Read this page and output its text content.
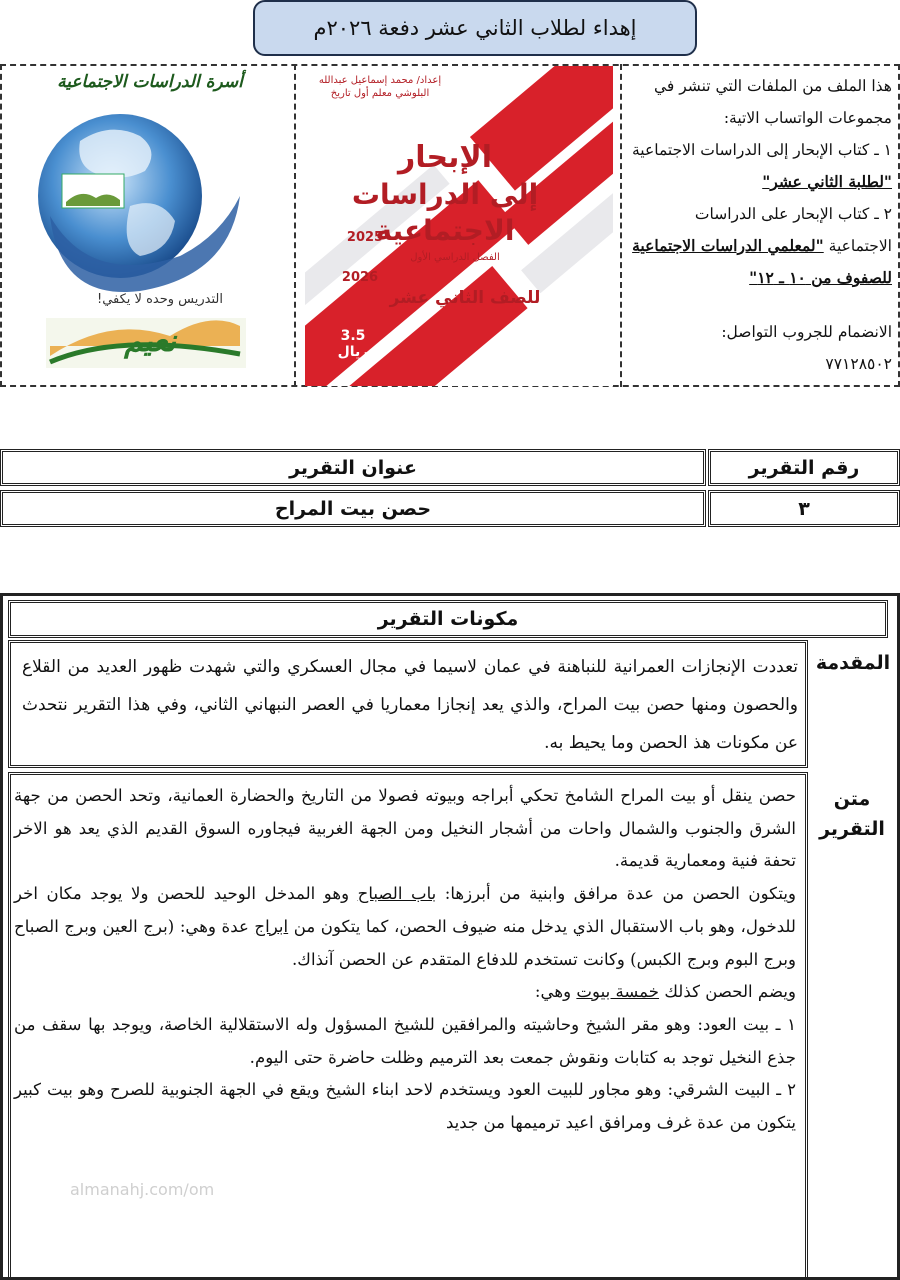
إهداء لطلاب الثاني عشر دفعة ٢٠٢٦م

هذا الملف من الملفات التي تنشر في مجموعات الواتساب الاتية:

١ ـ كتاب الإبحار إلى الدراسات الاجتماعية "لطلبة الثاني عشر"

٢ ـ كتاب الإبحار على الدراسات الاجتماعية "لمعلمي الدراسات الاجتماعية للصفوف من ١٠ ـ ١٢"

الانضمام للجروب التواصل:

٧٧١٢٨٥٠٢

إعداد/ محمد إسماعيل عبدالله البلوشي معلم أول تاريخ
الإبحار
إلى الدراسات
الاجتماعية
2025
الفصل الدراسي الأول
2026
للصف الثاني عشر
3.5 ريال
للحصول على الكتاب
77128502
أسرة الدراسات الاجتماعية
التدريس وحده لا يكفي!
نعيم
رقم التقرير
عنوان التقرير
٣
حصن بيت المراح
مكونات التقرير
المقدمة
تعددت الإنجازات العمرانية للنباهنة في عمان لاسيما في مجال العسكري والتي شهدت ظهور العديد من القلاع والحصون ومنها حصن بيت المراح، والذي يعد إنجازا معماريا في العصر النبهاني الثاني، وفي هذا التقرير نتحدث عن مكونات هذ الحصن وما يحيط به.
متن التقرير

حصن ينقل أو بيت المراح الشامخ تحكي أبراجه وبيوته فصولا من التاريخ والحضارة العمانية، وتحد الحصن من جهة الشرق والجنوب والشمال واحات من أشجار النخيل ومن الجهة الغربية فيجاوره السوق القديم الذي يعد هو الاخر تحفة فنية ومعمارية قديمة.

ويتكون الحصن من عدة مرافق وابنية من أبرزها: باب الصباح وهو المدخل الوحيد للحصن ولا يوجد مكان اخر للدخول، وهو باب الاستقبال الذي يدخل منه ضيوف الحصن، كما يتكون من ابراج عدة وهي: (برج العين وبرج الصباح وبرج البوم وبرج الكبس) وكانت تستخدم للدفاع المتقدم عن الحصن آنذاك.

ويضم الحصن كذلك خمسة بيوت وهي:

١ ـ بيت العود: وهو مقر الشيخ وحاشيته والمرافقين للشيخ المسؤول وله الاستقلالية الخاصة، ويوجد بها سقف من جذع النخيل توجد به كتابات ونقوش جمعت بعد الترميم وظلت حاضرة حتى اليوم.

٢ ـ البيت الشرقي: وهو مجاور للبيت العود ويستخدم لاحد ابناء الشيخ ويقع في الجهة الجنوبية للصرح وهو بيت كبير يتكون من عدة غرف ومرافق اعيد ترميمها من جديد

almanahj.com/om
